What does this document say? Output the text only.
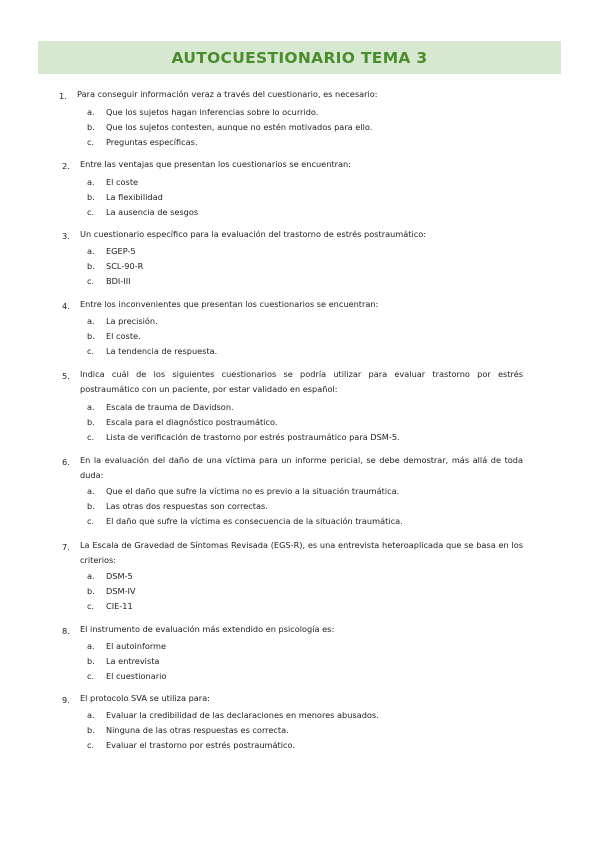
AUTOCUESTIONARIO TEMA 3
1. Para conseguir información veraz a través del cuestionario, es necesario:
a. Que los sujetos hagan inferencias sobre lo ocurrido.
b. Que los sujetos contesten, aunque no estén motivados para ello.
c. Preguntas específicas.
2. Entre las ventajas que presentan los cuestionarios se encuentran:
a. El coste
b. La flexibilidad
c. La ausencia de sesgos
3. Un cuestionario específico para la evaluación del trastorno de estrés postraumático:
a. EGEP-5
b. SCL-90-R
c. BDI-III
4. Entre los inconvenientes que presentan los cuestionarios se encuentran:
a. La precisión.
b. El coste.
c. La tendencia de respuesta.
5. Indica cuál de los siguientes cuestionarios se podría utilizar para evaluar trastorno por estrés postraumático con un paciente, por estar validado en español:
a. Escala de trauma de Davidson.
b. Escala para el diagnóstico postraumático.
c. Lista de verificación de trastorno por estrés postraumático para DSM-5.
6. En la evaluación del daño de una víctima para un informe pericial, se debe demostrar, más allá de toda duda:
a. Que el daño que sufre la víctima no es previo a la situación traumática.
b. Las otras dos respuestas son correctas.
c. El daño que sufre la víctima es consecuencia de la situación traumática.
7. La Escala de Gravedad de Síntomas Revisada (EGS-R), es una entrevista heteroaplicada que se basa en los criterios:
a. DSM-5
b. DSM-IV
c. CIE-11
8. El instrumento de evaluación más extendido en psicología es:
a. El autoinforme
b. La entrevista
c. El cuestionario
9. El protocolo SVA se utiliza para:
a. Evaluar la credibilidad de las declaraciones en menores abusados.
b. Ninguna de las otras respuestas es correcta.
c. Evaluar el trastorno por estrés postraumático.
